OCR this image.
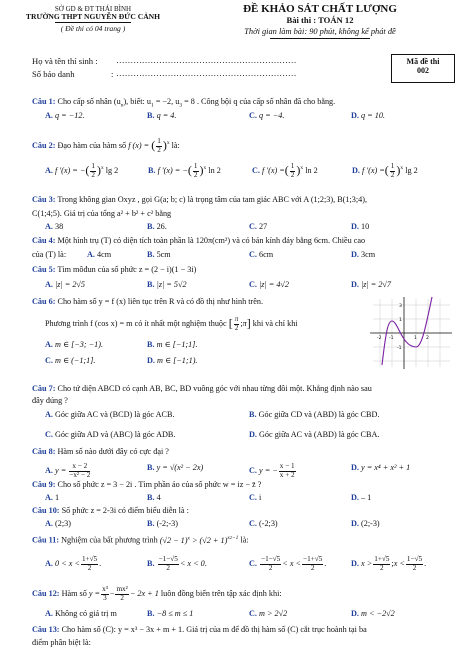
SỞ GD & ĐT THÁI BÌNH
TRƯỜNG THPT NGUYỄN ĐỨC CẢNH
( Đề thi có 04 trang )
ĐỀ KHẢO SÁT CHẤT LƯỢNG
Bài thi : TOÁN 12
Thời gian làm bài: 90 phút, không kể phát đề
Họ và tên thí sinh : ………………………………………………………
Số báo danh	: ………………………………………………………
Mã đề thi
002
Câu 1: Cho cấp số nhân $(u_n)$, biết: $u_1 = -2$, $u_3 = 8$ . Công bội q của cấp số nhân đã cho bằng.
A. q = −12.	B. q = 4.	C. q = −4.	D. q = 10.
Câu 2: Đạo hàm của hàm số f (x) = ( $\frac{1}{2} )^x$ là:
A. f ′(x) = −( $\frac{1}{2} )^x$ lg 2	B. f ′(x) = −( $\frac{1}{2} )^x$ ln 2	C. f ′(x) =( $\frac{1}{2} )^x$ ln 2	D. f ′(x) =( $\frac{1}{2} )^x$ lg 2
Câu 3: Trong không gian Oxyz , gọi G(a; b; c) là trọng tâm của tam giác ABC với A (1;2;3), B(1;3;4),
C(1;4;5). Giá trị của tổng a² + b² + c² bằng
A. 38	B. 26.	C. 27	D. 10
Câu 4: Một hình trụ (T) có diện tích toàn phần là 120π(cm²) và có bán kính đáy bằng 6cm. Chiều cao
của (T) là:	A. 4cm	B. 5cm	C. 6cm	D. 3cm
Câu 5: Tìm môđun của số phức z = (2 − i)(1 − 3i)
A. |z| = 2√5	B. |z| = 5√2	C. |z| = 4√2	D. |z| = 2√7
Câu 6: Cho hàm số y = f (x) liên tục trên R và có đồ thị như hình trên.
Phương trình f (cos x) = m có ít nhất một nghiệm thuộc [ $\frac{\pi}{2}$ ;π] khi và chỉ khi
A. m ∈ [−3; −1).	B. m ∈ [−1;1].
C. m ∈ (−1;1].	D. m ∈ [−1;1).
-2 -1	1 2
3
1
-1
Câu 7: Cho tứ diện ABCD có cạnh AB, BC, BD vuông góc với nhau từng đôi một. Khẳng định nào sau
đây đúng ?
A. Góc giữa AC và (BCD) là góc ACB.	B. Góc giữa CD và (ABD) là góc CBD.
C. Góc giữa AD và (ABC) là góc ADB.	D. Góc giữa AC và (ABD) là góc CBA.
Câu 8: Hàm số nào dưới đây có cực đại ?
A. $y = \frac{x - 2}{\text{−x² − 2}}$	B. y = √(x² − 2x)	C. y = − $\frac{x - 1}{x + 2}$	D. y = x⁴ + x² + 1
Câu 9: Cho số phức z = 3 − 2i . Tìm phần ảo của số phức w = iz − z̄ ?
A. 1	B. 4	C. i	D. – 1
Câu 10: Số phức z = 2-3i có điểm biểu diễn là :
A. (2;3)	B. (-2;-3)	C. (-2;3)	D. (2;-3)
Câu 11: Nghiệm của bất phương trình $(√2 - 1)^x > (√2 + 1)^{x2-1}$ là:
A. $0 < x < \frac{1+√5}{2}$ .	B. $\frac{-1-√5}{2} < x < 0$.	C. $\frac{-1-√5}{2} < x < \frac{-1+√5}{2}$ .	D. $x > \frac{1+√5}{2}$ ;x < $\frac{1-√5}{2}$ .
Câu 12: Hàm số $y = \frac{\text{x³}}{3} - \frac{\text{mx²}}{2} - 2x + 1$ luôn đồng biến trên tập xác định khi:
A. Không có giá trị m	B. −8 ≤ m ≤ 1	C. m > 2√2	D. m < −2√2
Câu 13: Cho hàm số (C): y = x³ − 3x + m + 1. Giá trị của m để đồ thị hàm số (C) cắt trục hoành tại ba
điểm phân biệt là:
